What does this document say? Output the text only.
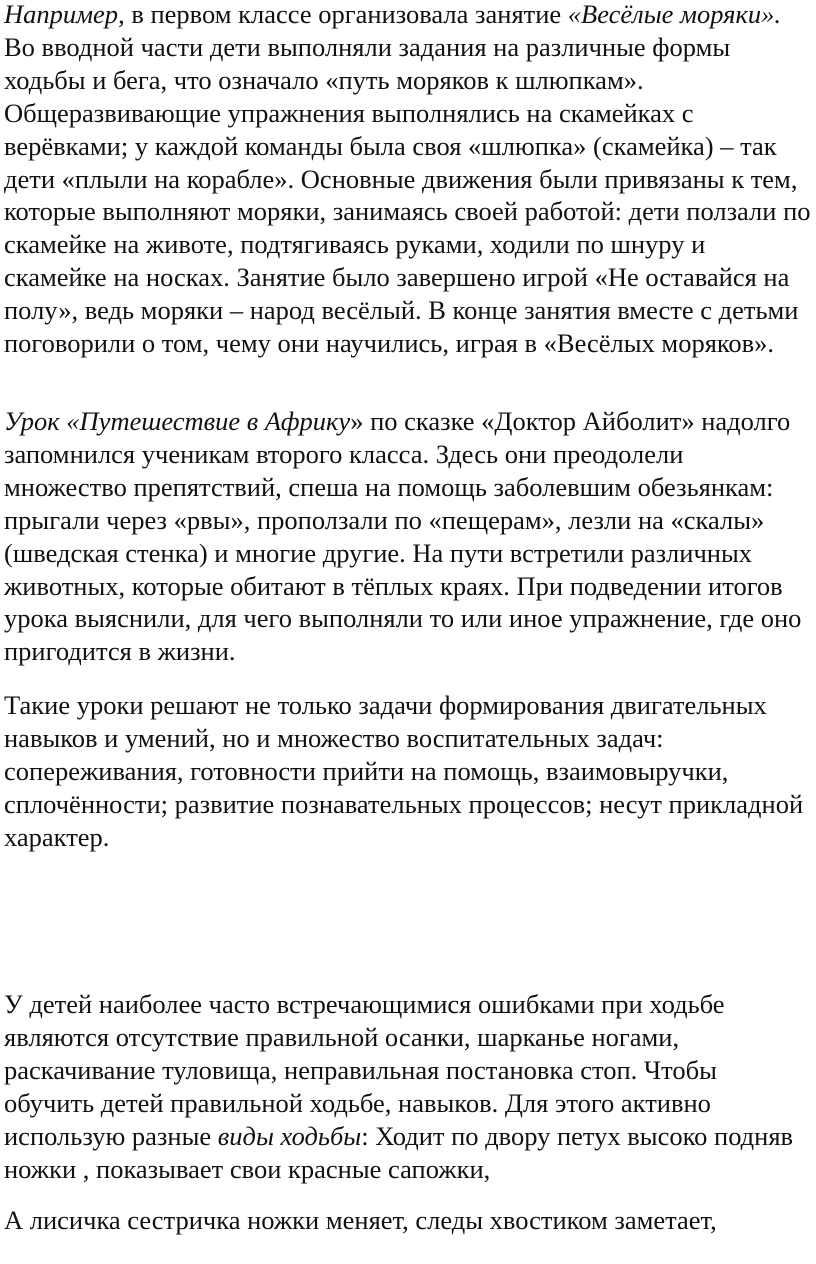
Например, в первом классе организовала занятие «Весёлые моряки». Во вводной части дети выполняли задания на различные формы ходьбы и бега, что означало «путь моряков к шлюпкам». Общеразвивающие упражнения выполнялись на скамейках с верёвками; у каждой команды была своя «шлюпка» (скамейка) – так дети «плыли на корабле». Основные движения были привязаны к тем, которые выполняют моряки, занимаясь своей работой: дети ползали по скамейке на животе, подтягиваясь руками, ходили по шнуру и скамейке на носках. Занятие было завершено игрой «Не оставайся на полу», ведь моряки – народ весёлый. В конце занятия вместе с детьми поговорили о том, чему они научились, играя в «Весёлых моряков».

Урок «Путешествие в Африку» по сказке «Доктор Айболит» надолго запомнился ученикам второго класса. Здесь они преодолели множество препятствий, спеша на помощь заболевшим обезьянкам: прыгали через «рвы», проползали по «пещерам», лезли на «скалы» (шведская стенка) и многие другие. На пути встретили различных животных, которые обитают в тёплых краях. При подведении итогов урока выяснили, для чего выполняли то или иное упражнение, где оно пригодится в жизни.

Такие уроки решают не только задачи формирования двигательных навыков и умений, но и множество воспитательных задач: сопереживания, готовности прийти на помощь, взаимовыручки, сплочённости; развитие познавательных процессов; несут прикладной характер.

У детей наиболее часто встречающимися ошибками при ходьбе являются отсутствие правильной осанки, шарканье ногами, раскачивание туловища, неправильная постановка стоп. Чтобы обучить детей правильной ходьбе, навыков. Для этого активно использую разные виды ходьбы: Ходит по двору петух высоко подняв ножки , показывает свои красные сапожки,

А лисичка сестричка ножки меняет, следы хвостиком заметает,
